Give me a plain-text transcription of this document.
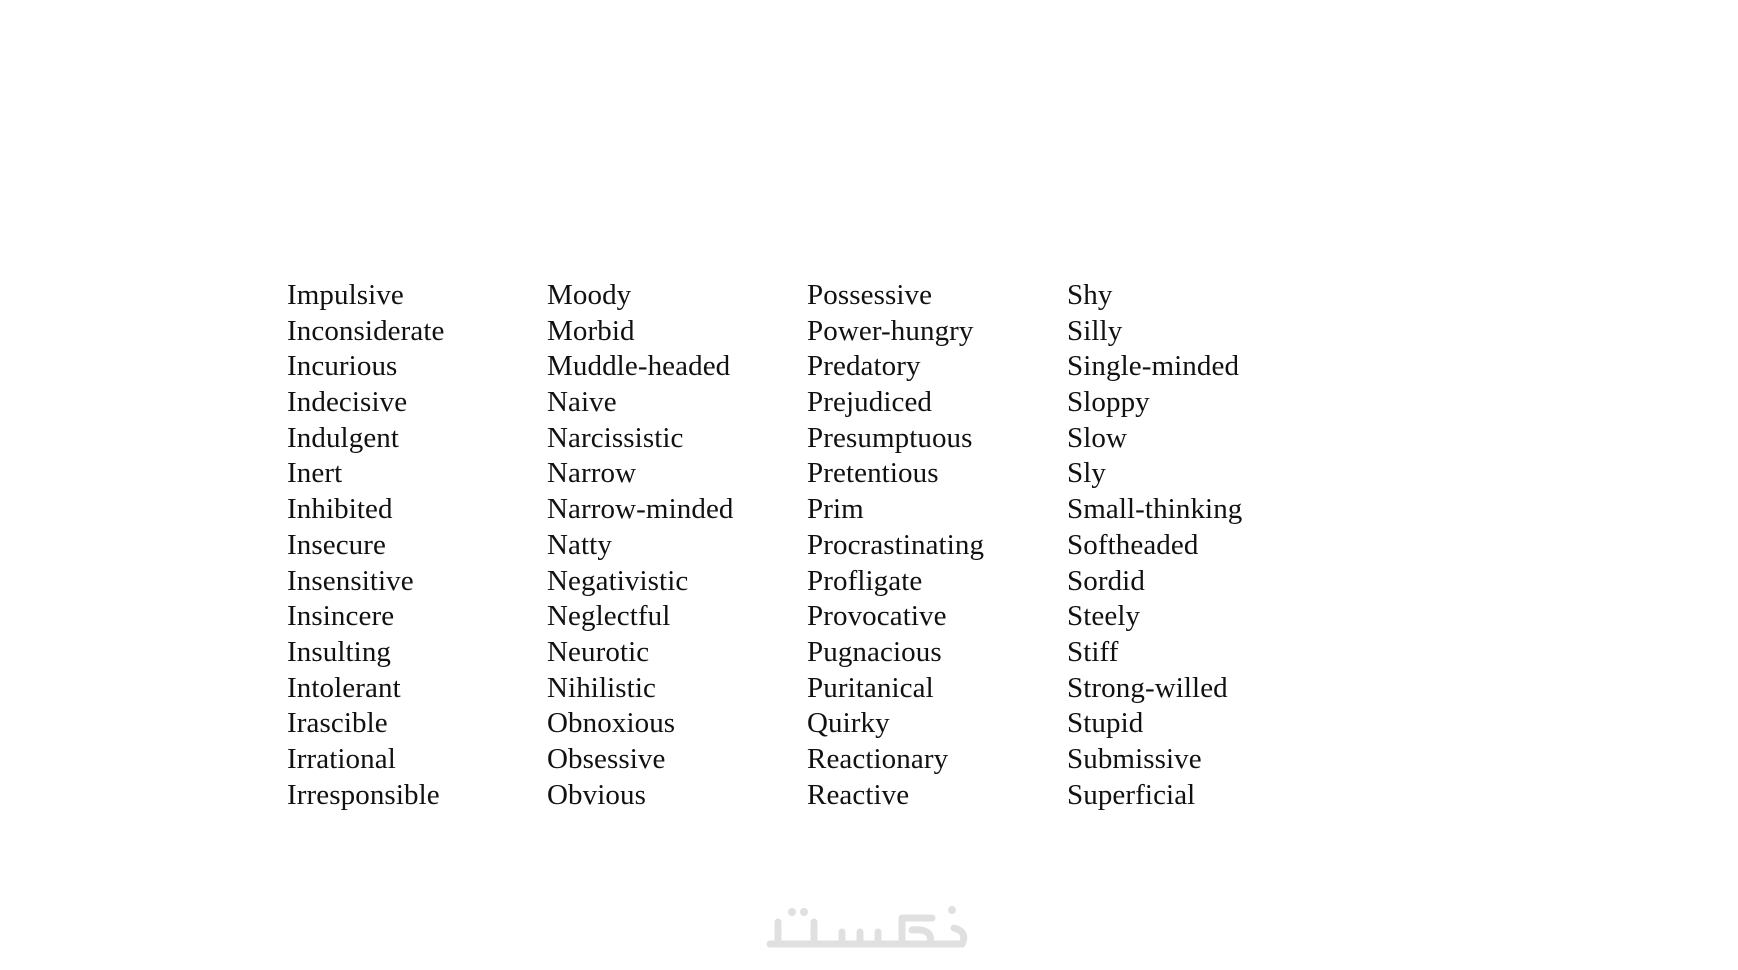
Impulsive
Inconsiderate
Incurious
Indecisive
Indulgent
Inert
Inhibited
Insecure
Insensitive
Insincere
Insulting
Intolerant
Irascible
Irrational
Irresponsible
Moody
Morbid
Muddle-headed
Naive
Narcissistic
Narrow
Narrow-minded
Natty
Negativistic
Neglectful
Neurotic
Nihilistic
Obnoxious
Obsessive
Obvious
Possessive
Power-hungry
Predatory
Prejudiced
Presumptuous
Pretentious
Prim
Procrastinating
Profligate
Provocative
Pugnacious
Puritanical
Quirky
Reactionary
Reactive
Shy
Silly
Single-minded
Sloppy
Slow
Sly
Small-thinking
Softheaded
Sordid
Steely
Stiff
Strong-willed
Stupid
Submissive
Superficial
